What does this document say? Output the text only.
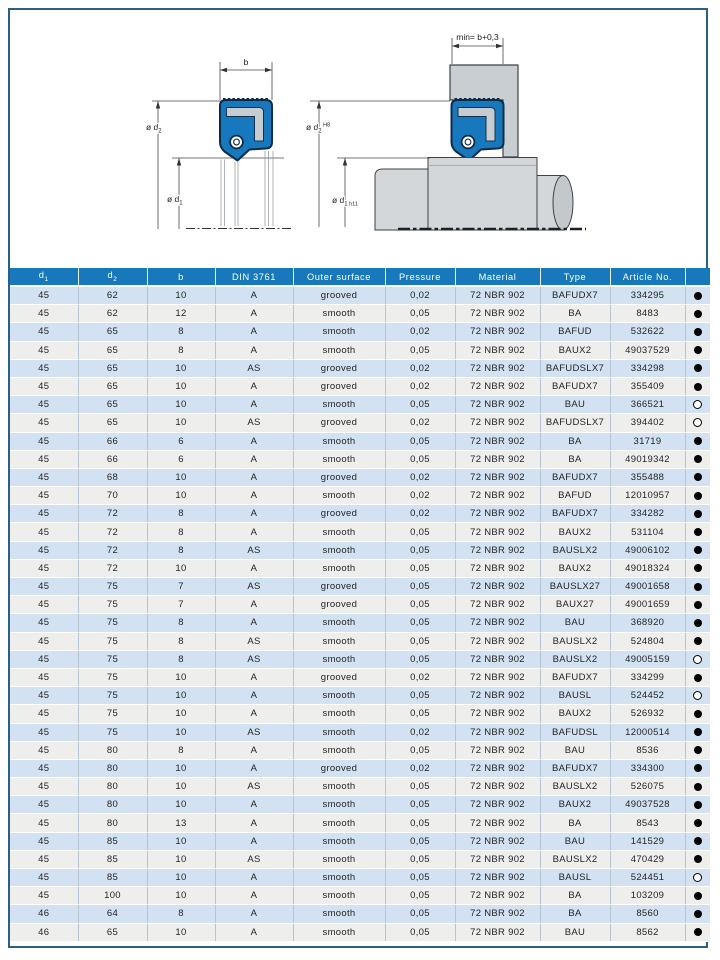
b
ø $d_2$
ø $d_1$
min= b+0,3
ø $d_2^{H8}$
ø $d_1$ h11
$d_1$	$d_2$	b	DIN 3761	Outer surface	Pressure	Material	Type	Article No.	
45	62	10	A	grooved	0,02	72 NBR 902	BAFUDX7	334295	
45	62	12	A	smooth	0,05	72 NBR 902	BA	8483	
45	65	8	A	smooth	0,02	72 NBR 902	BAFUD	532622	
45	65	8	A	smooth	0,05	72 NBR 902	BAUX2	49037529	
45	65	10	AS	grooved	0,02	72 NBR 902	BAFUDSLX7	334298	
45	65	10	A	grooved	0,02	72 NBR 902	BAFUDX7	355409	
45	65	10	A	smooth	0,05	72 NBR 902	BAU	366521	
45	65	10	AS	grooved	0,02	72 NBR 902	BAFUDSLX7	394402	
45	66	6	A	smooth	0,05	72 NBR 902	BA	31719	
45	66	6	A	smooth	0,05	72 NBR 902	BA	49019342	
45	68	10	A	grooved	0,02	72 NBR 902	BAFUDX7	355488	
45	70	10	A	smooth	0,02	72 NBR 902	BAFUD	12010957	
45	72	8	A	grooved	0,02	72 NBR 902	BAFUDX7	334282	
45	72	8	A	smooth	0,05	72 NBR 902	BAUX2	531104	
45	72	8	AS	smooth	0,05	72 NBR 902	BAUSLX2	49006102	
45	72	10	A	smooth	0,05	72 NBR 902	BAUX2	49018324	
45	75	7	AS	grooved	0,05	72 NBR 902	BAUSLX27	49001658	
45	75	7	A	grooved	0,05	72 NBR 902	BAUX27	49001659	
45	75	8	A	smooth	0,05	72 NBR 902	BAU	368920	
45	75	8	AS	smooth	0,05	72 NBR 902	BAUSLX2	524804	
45	75	8	AS	smooth	0,05	72 NBR 902	BAUSLX2	49005159	
45	75	10	A	grooved	0,02	72 NBR 902	BAFUDX7	334299	
45	75	10	A	smooth	0,05	72 NBR 902	BAUSL	524452	
45	75	10	A	smooth	0,05	72 NBR 902	BAUX2	526932	
45	75	10	AS	smooth	0,02	72 NBR 902	BAFUDSL	12000514	
45	80	8	A	smooth	0,05	72 NBR 902	BAU	8536	
45	80	10	A	grooved	0,02	72 NBR 902	BAFUDX7	334300	
45	80	10	AS	smooth	0,05	72 NBR 902	BAUSLX2	526075	
45	80	10	A	smooth	0,05	72 NBR 902	BAUX2	49037528	
45	80	13	A	smooth	0,05	72 NBR 902	BA	8543	
45	85	10	A	smooth	0,05	72 NBR 902	BAU	141529	
45	85	10	AS	smooth	0,05	72 NBR 902	BAUSLX2	470429	
45	85	10	A	smooth	0,05	72 NBR 902	BAUSL	524451	
45	100	10	A	smooth	0,05	72 NBR 902	BA	103209	
46	64	8	A	smooth	0,05	72 NBR 902	BA	8560	
46	65	10	A	smooth	0,05	72 NBR 902	BAU	8562	
